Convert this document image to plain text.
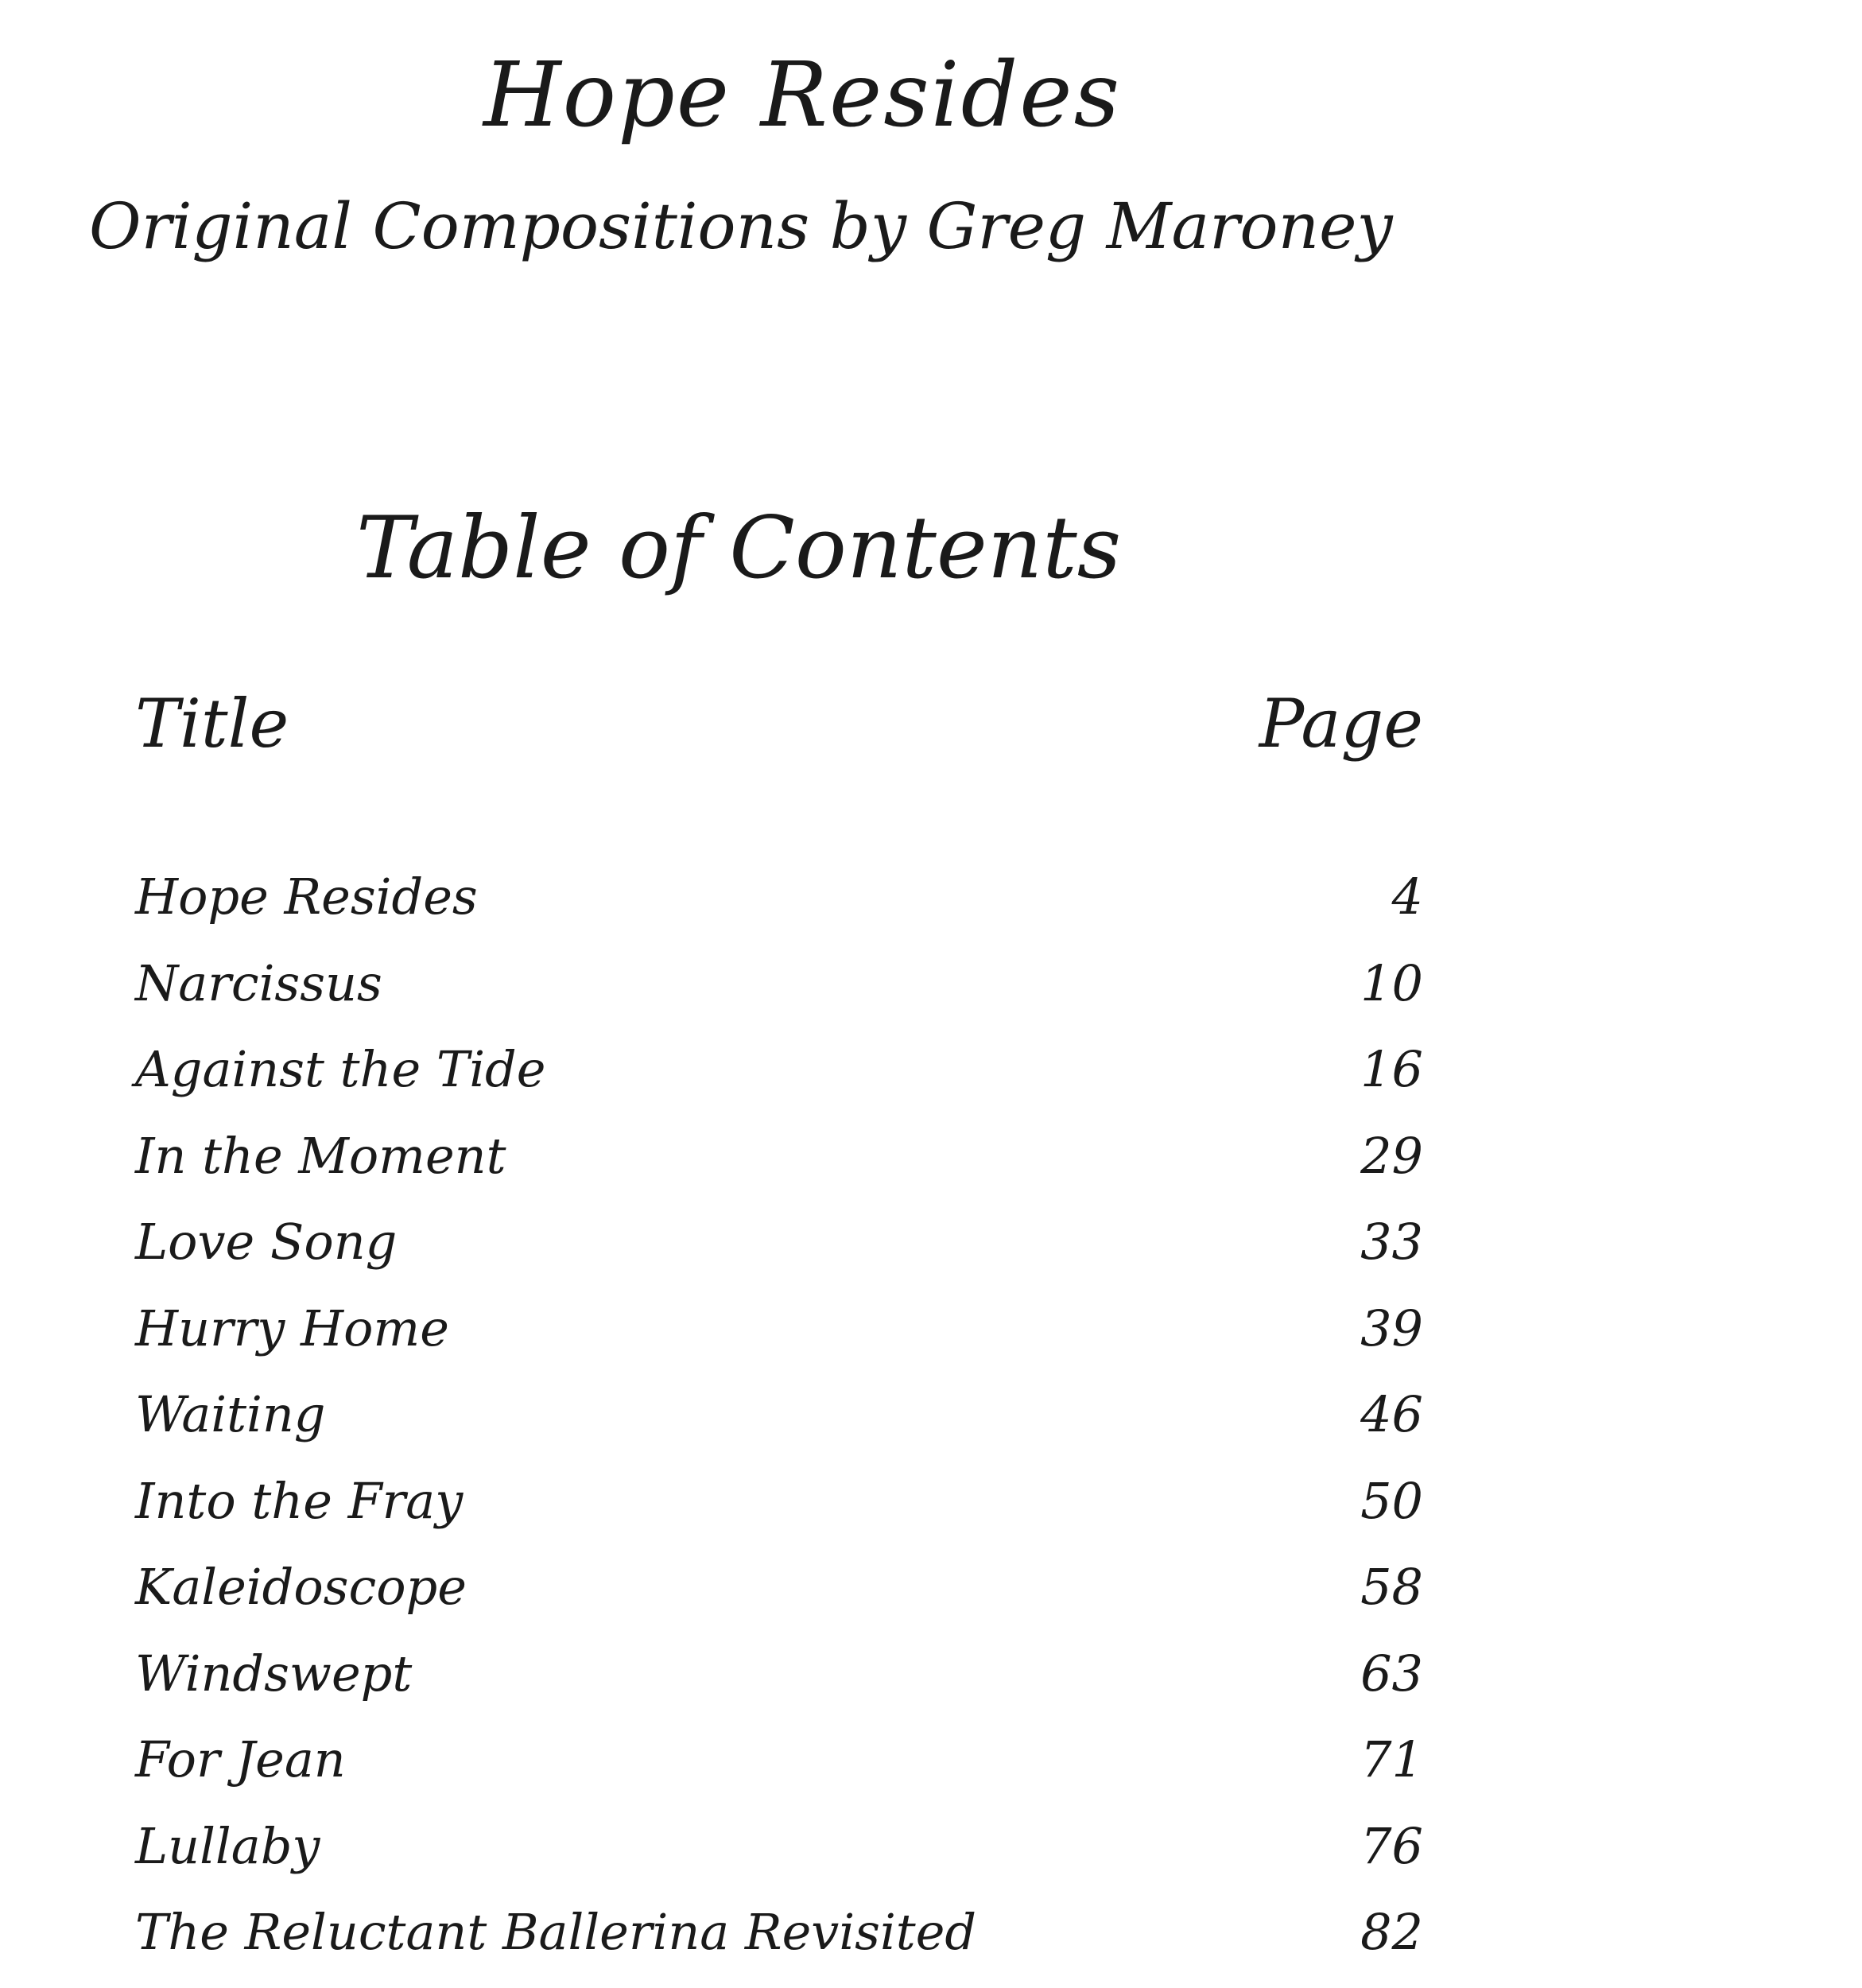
Hope Resides
Original Compositions by Greg Maroney
Table of Contents
Title	Page
Hope Resides	4
Narcissus	10
Against the Tide	16
In the Moment	29
Love Song	33
Hurry Home	39
Waiting	46
Into the Fray	50
Kaleidoscope	58
Windswept	63
For Jean	71
Lullaby	76
The Reluctant Ballerina Revisited	82
